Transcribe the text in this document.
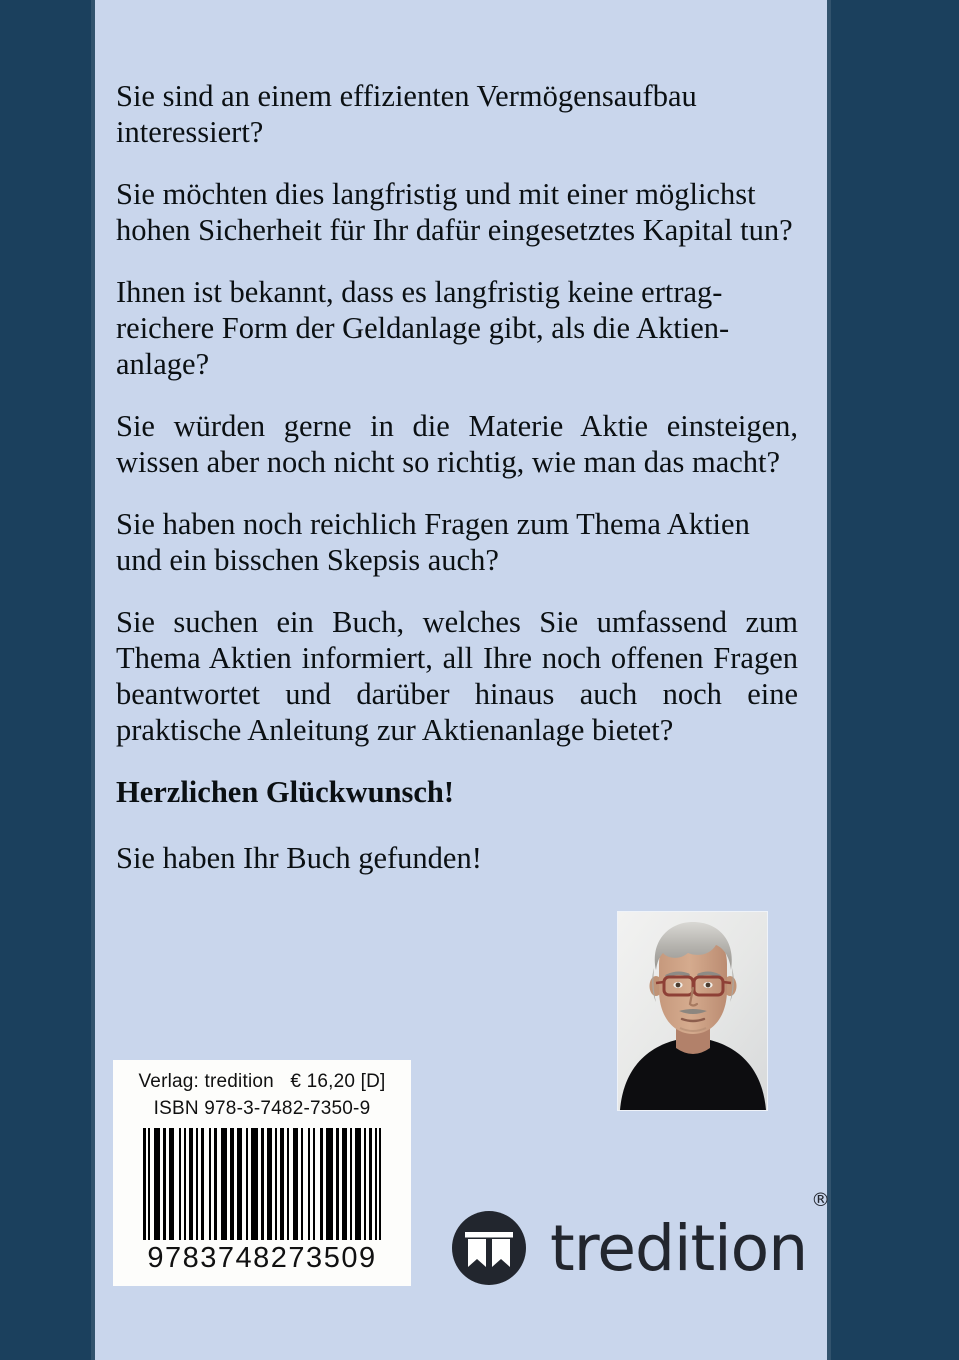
Sie sind an einem effizienten Vermögensaufbau interessiert?

Sie möchten dies langfristig und mit einer möglichst hohen Sicherheit für Ihr dafür eingesetztes Kapital tun?

Ihnen ist bekannt, dass es langfristig keine ertrag-reichere Form der Geldanlage gibt, als die Aktien-anlage?

Sie würden gerne in die Materie Aktie einsteigen, wissen aber noch nicht so richtig, wie man das macht?

Sie haben noch reichlich Fragen zum Thema Aktien und ein bisschen Skepsis auch?

Sie suchen ein Buch, welches Sie umfassend zum Thema Aktien informiert, all Ihre noch offenen Fragen beantwortet und darüber hinaus auch noch eine praktische Anleitung zur Aktienanlage bietet?

Herzlichen Glückwunsch!

Sie haben Ihr Buch gefunden!

Verlag: tredition   € 16,20 [D]
ISBN 978-3-7482-7350-9
9783748273509	tredition
®
